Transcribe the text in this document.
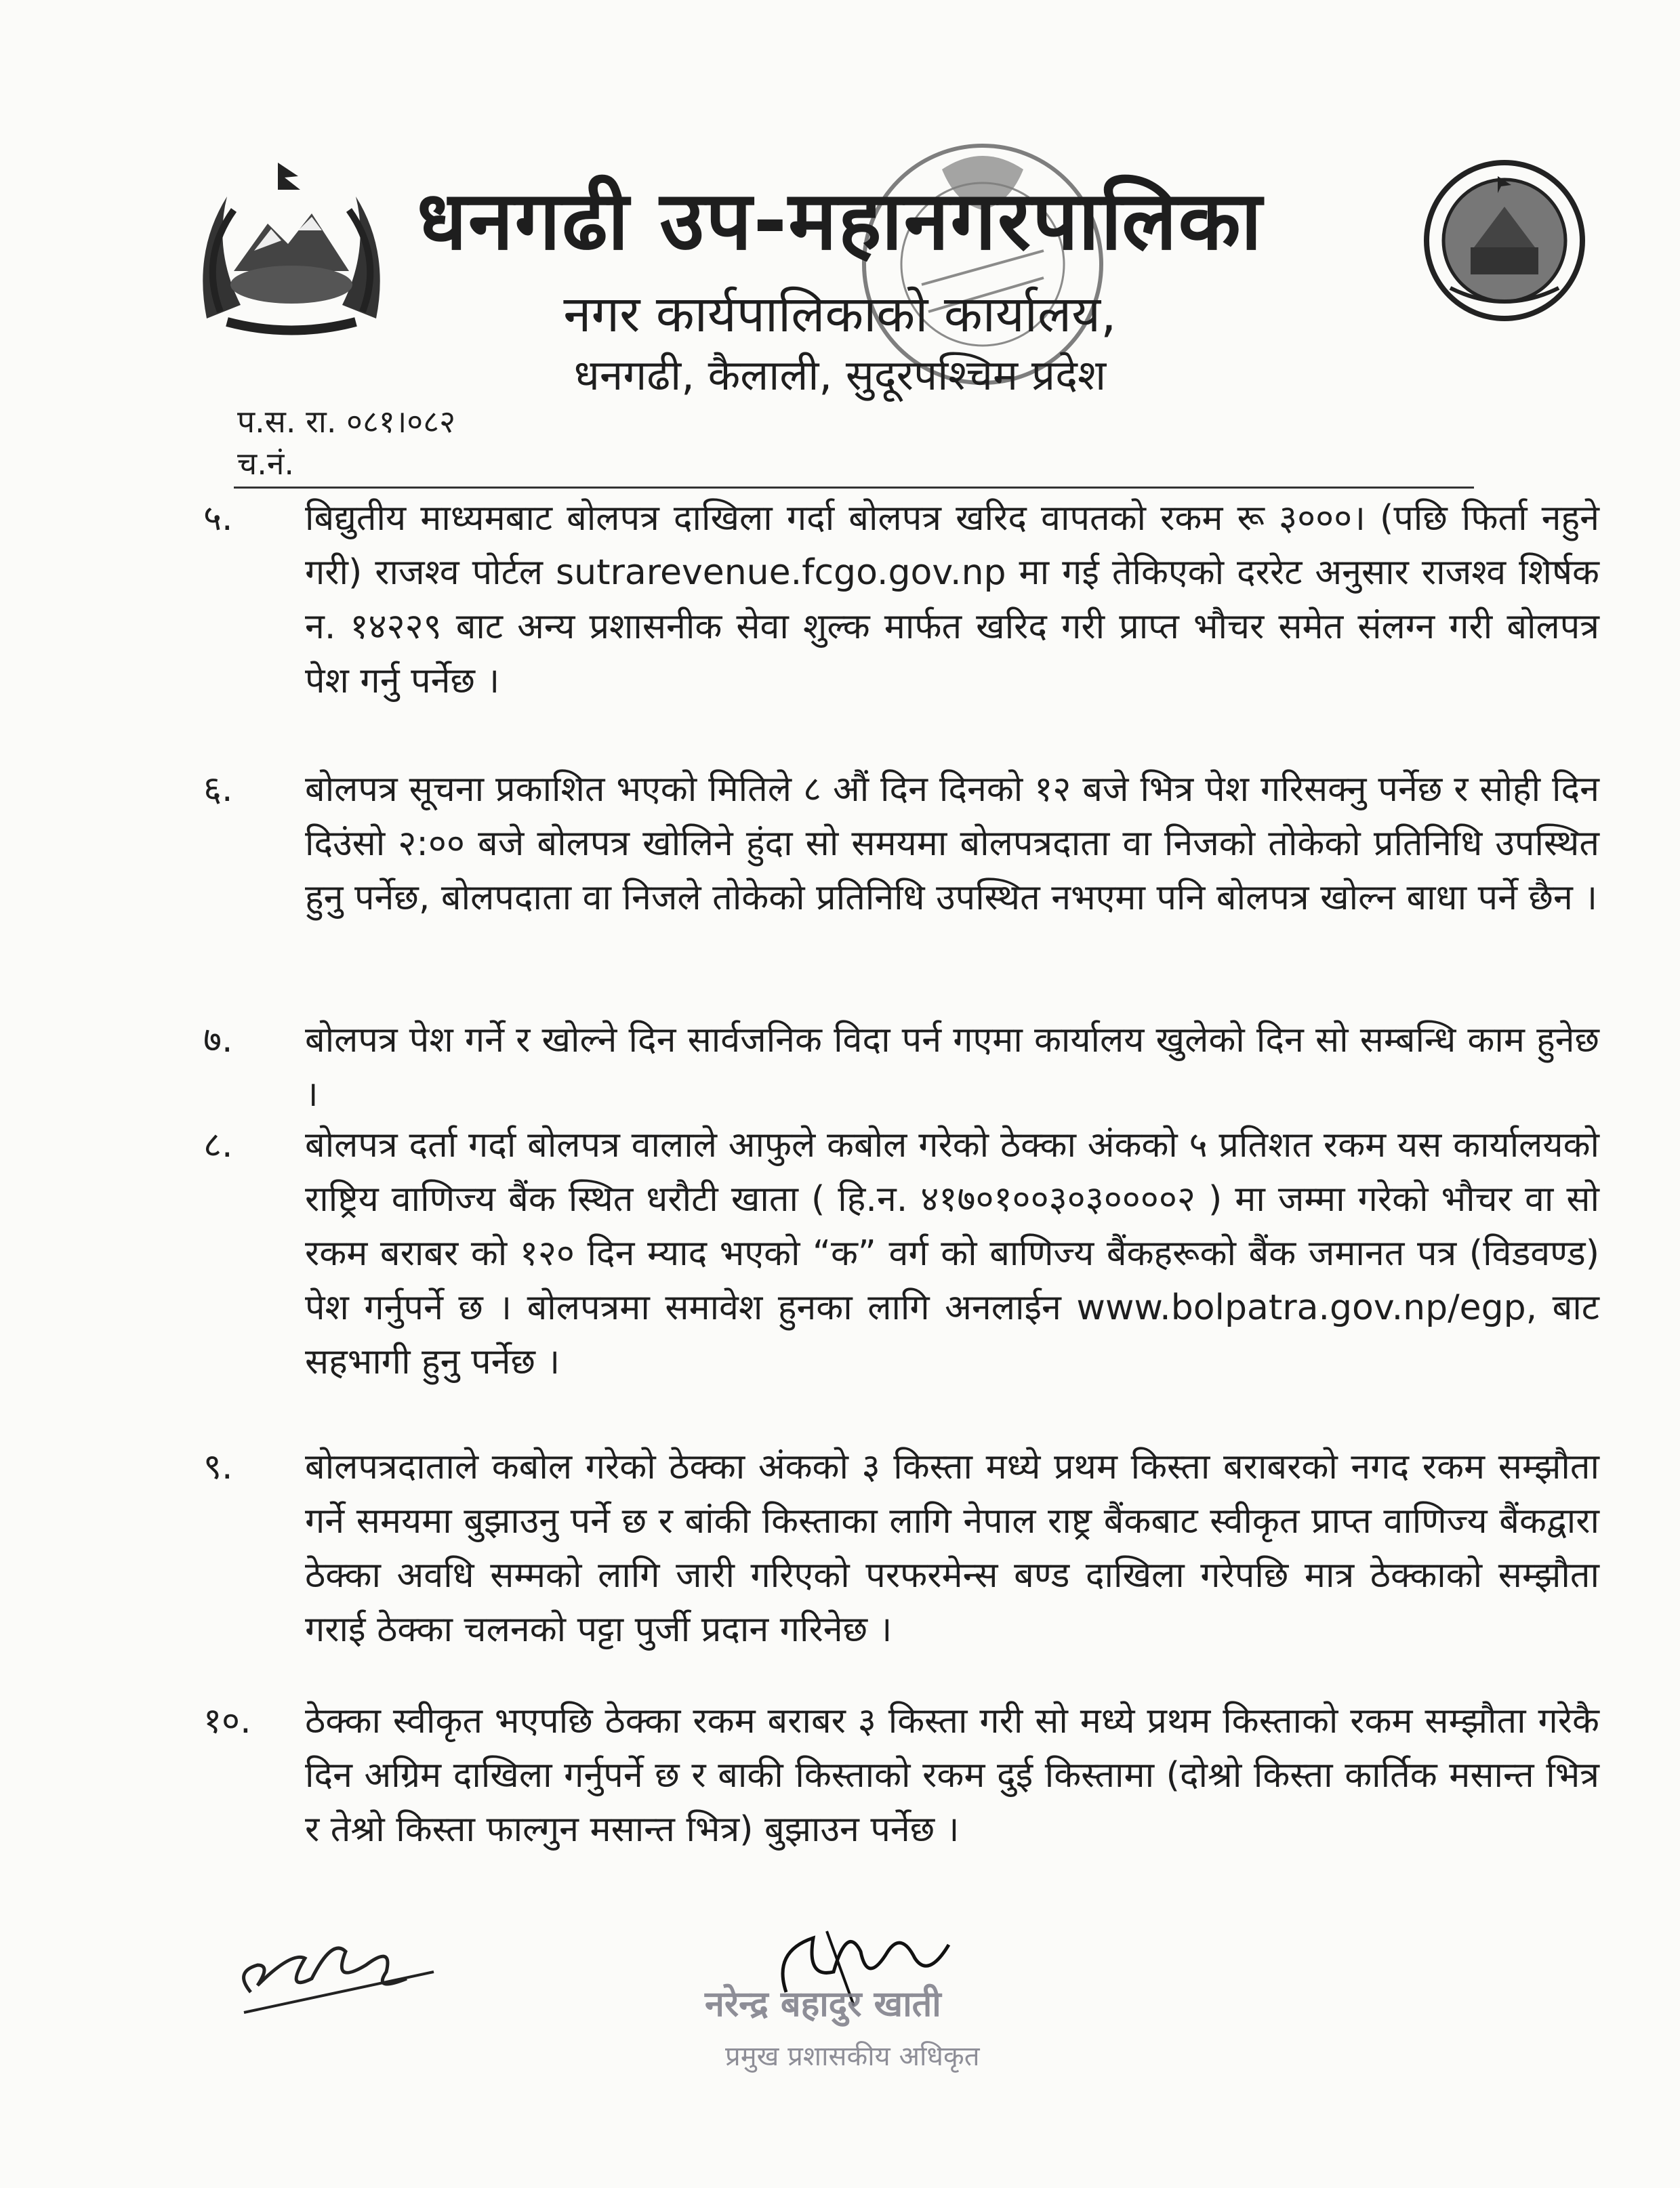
धनगढी उप-महानगरपालिका
नगर कार्यपालिकाको कार्यालय,
धनगढी, कैलाली, सुदूरपश्चिम प्रदेश
प.स. रा. ०८१।०८२
च.नं.
५.	बिद्युतीय माध्यमबाट बोलपत्र दाखिला गर्दा बोलपत्र खरिद वापतको रकम रू ३०००। (पछि फिर्ता नहुने गरी) राजश्व पोर्टल sutrarevenue.fcgo.gov.np मा गई तेकिएको दररेट अनुसार राजश्व शिर्षक न. १४२२९ बाट अन्य प्रशासनीक सेवा शुल्क मार्फत खरिद गरी प्राप्त भौचर समेत संलग्न गरी बोलपत्र पेश गर्नु पर्नेछ ।
६.	बोलपत्र सूचना प्रकाशित भएको मितिले ८ औं दिन दिनको १२ बजे भित्र पेश गरिसक्नु पर्नेछ र सोही दिन दिउंसो २:०० बजे बोलपत्र खोलिने हुंदा सो समयमा बोलपत्रदाता वा निजको तोकेको प्रतिनिधि उपस्थित हुनु पर्नेछ, बोलपदाता वा निजले तोकेको प्रतिनिधि उपस्थित नभएमा पनि बोलपत्र खोल्न बाधा पर्ने छैन ।
७.	बोलपत्र पेश गर्ने र खोल्ने दिन सार्वजनिक विदा पर्न गएमा कार्यालय खुलेको दिन सो सम्बन्धि काम हुनेछ ।
८.	बोलपत्र दर्ता गर्दा बोलपत्र वालाले आफुले कबोल गरेको ठेक्का अंकको ५ प्रतिशत रकम यस कार्यालयको राष्ट्रिय वाणिज्य बैंक स्थित धरौटी खाता ( हि.न. ४१७०१००३०३००००२ ) मा जम्मा गरेको भौचर वा सो रकम बराबर को १२० दिन म्याद भएको “क” वर्ग को बाणिज्य बैंकहरूको बैंक जमानत पत्र (विडवण्ड) पेश गर्नुपर्ने छ । बोलपत्रमा समावेश हुनका लागि अनलाईन www.bolpatra.gov.np/egp, बाट सहभागी हुनु पर्नेछ ।
९.	बोलपत्रदाताले कबोल गरेको ठेक्का अंकको ३ किस्ता मध्ये प्रथम किस्ता बराबरको नगद रकम सम्झौता गर्ने समयमा बुझाउनु पर्ने छ र बांकी किस्ताका लागि नेपाल राष्ट्र बैंकबाट स्वीकृत प्राप्त वाणिज्य बैंकद्वारा ठेक्का अवधि सम्मको लागि जारी गरिएको परफरमेन्स बण्ड दाखिला गरेपछि मात्र ठेक्काको सम्झौता गराई ठेक्का चलनको पट्टा पुर्जी प्रदान गरिनेछ ।
१०.	ठेक्का स्वीकृत भएपछि ठेक्का रकम बराबर ३ किस्ता गरी सो मध्ये प्रथम किस्ताको रकम सम्झौता गरेकै दिन अग्रिम दाखिला गर्नुपर्ने छ र बाकी किस्ताको रकम दुई किस्तामा (दोश्रो किस्ता कार्तिक मसान्त भित्र र तेश्रो किस्ता फाल्गुन मसान्त भित्र) बुझाउन पर्नेछ ।
नरेन्द्र बहादुर खाती
प्रमुख प्रशासकीय अधिकृत
